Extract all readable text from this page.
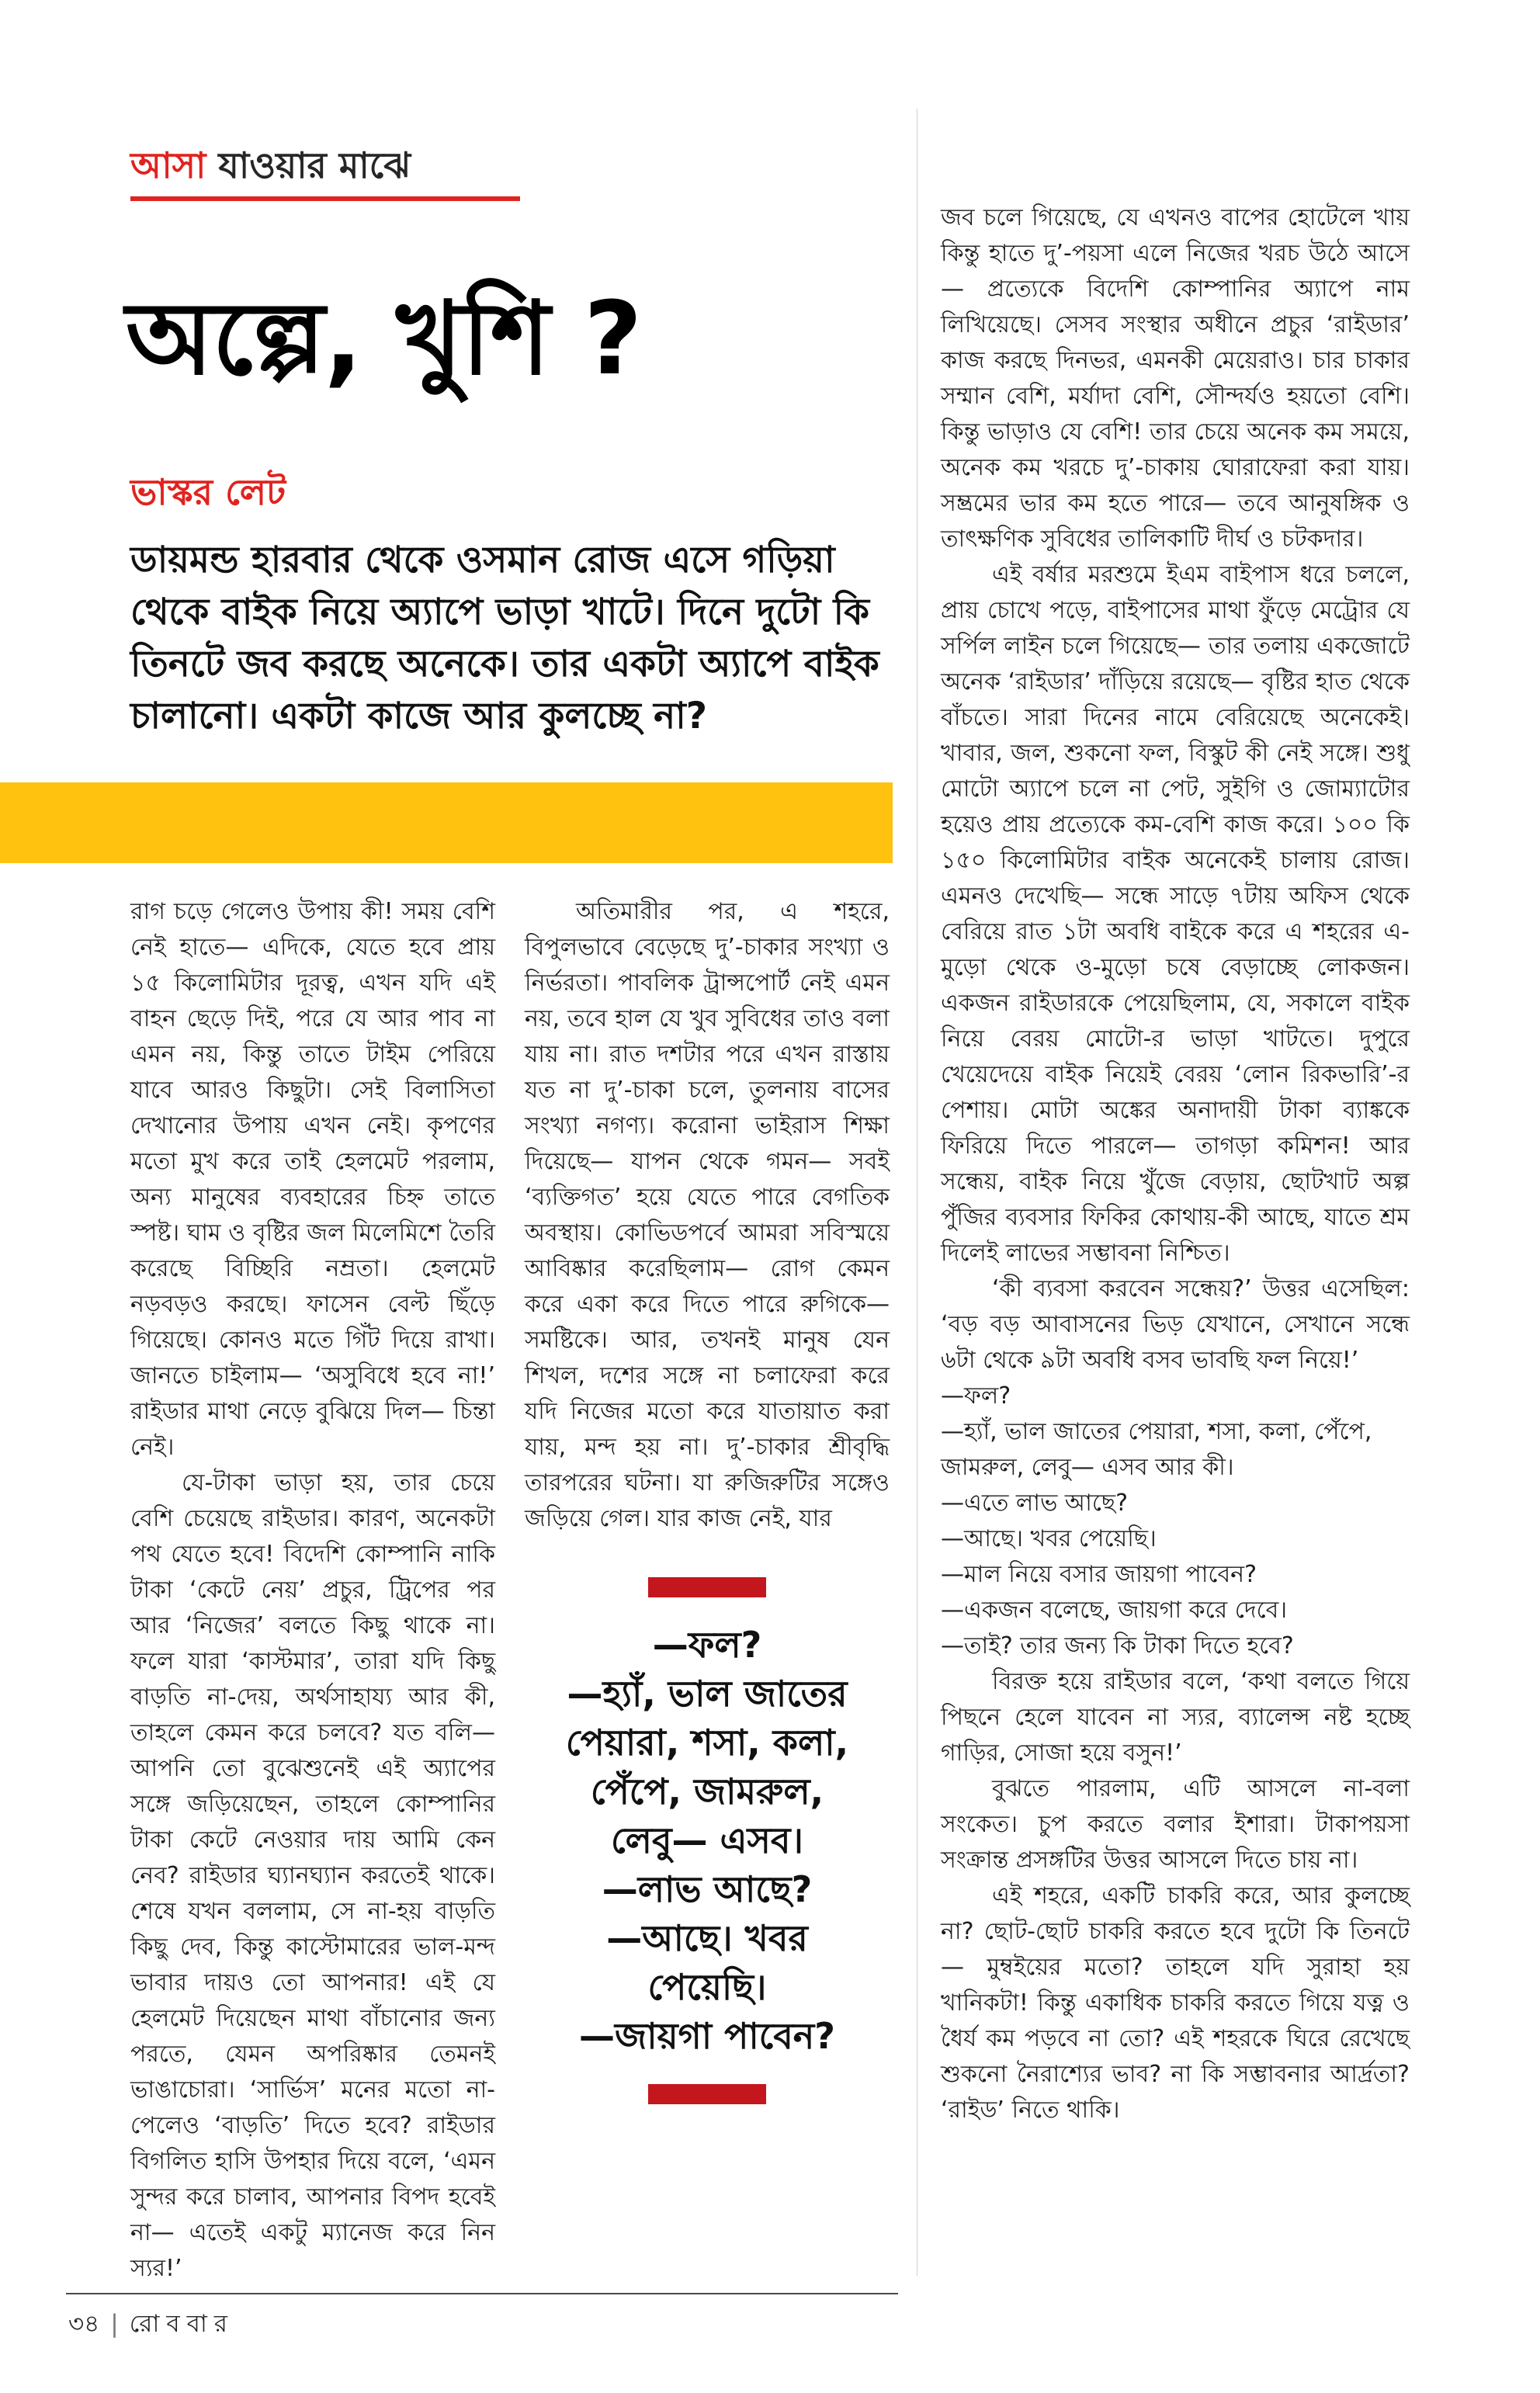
আসা যাওয়ার মাঝে
অল্পে, খুশি ?
ভাস্কর লেট

ডায়মন্ড হারবার থেকে ওসমান রোজ এসে গড়িয়া থেকে বাইক নিয়ে অ্যাপে ভাড়া খাটে। দিনে দুটো কি তিনটে জব করছে অনেকে। তার একটা অ্যাপে বাইক চালানো। একটা কাজে আর কুলচ্ছে না?

রাগ চড়ে গেলেও উপায় কী! সময় বেশি নেই হাতে— এদিকে, যেতে হবে প্রায় ১৫ কিলোমিটার দূরত্ব, এখন যদি এই বাহন ছেড়ে দিই, পরে যে আর পাব না এমন নয়, কিন্তু তাতে টাইম পেরিয়ে যাবে আরও কিছুটা। সেই বিলাসিতা দেখানোর উপায় এখন নেই। কৃপণের মতো মুখ করে তাই হেলমেট পরলাম, অন্য মানুষের ব্যবহারের চিহ্ন তাতে স্পষ্ট। ঘাম ও বৃষ্টির জল মিলেমিশে তৈরি করেছে বিচ্ছিরি নম্রতা। হেলমেট নড়বড়ও করছে। ফাসেন বেল্ট ছিঁড়ে গিয়েছে। কোনও মতে গিঁট দিয়ে রাখা। জানতে চাইলাম— ‘অসুবিধে হবে না!’ রাইডার মাথা নেড়ে বুঝিয়ে দিল— চিন্তা নেই।

যে-টাকা ভাড়া হয়, তার চেয়ে বেশি চেয়েছে রাইডার। কারণ, অনেকটা পথ যেতে হবে! বিদেশি কোম্পানি নাকি টাকা ‘কেটে নেয়’ প্রচুর, ট্রিপের পর আর ‘নিজের’ বলতে কিছু থাকে না। ফলে যারা ‘কাস্টমার’, তারা যদি কিছু বাড়তি না-দেয়, অর্থসাহায্য আর কী, তাহলে কেমন করে চলবে? যত বলি— আপনি তো বুঝেশুনেই এই অ্যাপের সঙ্গে জড়িয়েছেন, তাহলে কোম্পানির টাকা কেটে নেওয়ার দায় আমি কেন নেব? রাইডার ঘ্যানঘ্যান করতেই থাকে। শেষে যখন বললাম, সে না-হয় বাড়তি কিছু দেব, কিন্তু কাস্টোমারের ভাল-মন্দ ভাবার দায়ও তো আপনার! এই যে হেলমেট দিয়েছেন মাথা বাঁচানোর জন্য পরতে, যেমন অপরিষ্কার তেমনই ভাঙাচোরা। ‘সার্ভিস’ মনের মতো না-পেলেও ‘বাড়তি’ দিতে হবে? রাইডার বিগলিত হাসি উপহার দিয়ে বলে, ‘এমন সুন্দর করে চালাব, আপনার বিপদ হবেই না— এতেই একটু ম্যানেজ করে নিন স্যর!’

অতিমারীর পর, এ শহরে, বিপুলভাবে বেড়েছে দু’-চাকার সংখ্যা ও নির্ভরতা। পাবলিক ট্রান্সপোর্ট নেই এমন নয়, তবে হাল যে খুব সুবিধের তাও বলা যায় না। রাত দশটার পরে এখন রাস্তায় যত না দু’-চাকা চলে, তুলনায় বাসের সংখ্যা নগণ্য। করোনা ভাইরাস শিক্ষা দিয়েছে— যাপন থেকে গমন— সবই ‘ব্যক্তিগত’ হয়ে যেতে পারে বেগতিক অবস্থায়। কোভিডপর্বে আমরা সবিস্ময়ে আবিষ্কার করেছিলাম— রোগ কেমন করে একা করে দিতে পারে রুগিকে— সমষ্টিকে। আর, তখনই মানুষ যেন শিখল, দশের সঙ্গে না চলাফেরা করে যদি নিজের মতো করে যাতায়াত করা যায়, মন্দ হয় না। দু’-চাকার শ্রীবৃদ্ধি তারপরের ঘটনা। যা রুজিরুটির সঙ্গেও জড়িয়ে গেল। যার কাজ নেই, যার

—ফল?

—হ্যাঁ, ভাল জাতের

পেয়ারা, শসা, কলা,

পেঁপে, জামরুল,

লেবু— এসব।

—লাভ আছে?

—আছে। খবর

পেয়েছি।

—জায়গা পাবেন?

জব চলে গিয়েছে, যে এখনও বাপের হোটেলে খায় কিন্তু হাতে দু’-পয়সা এলে নিজের খরচ উঠে আসে— প্রত্যেকে বিদেশি কোম্পানির অ্যাপে নাম লিখিয়েছে। সেসব সংস্থার অধীনে প্রচুর ‘রাইডার’ কাজ করছে দিনভর, এমনকী মেয়েরাও। চার চাকার সম্মান বেশি, মর্যাদা বেশি, সৌন্দর্যও হয়তো বেশি। কিন্তু ভাড়াও যে বেশি! তার চেয়ে অনেক কম সময়ে, অনেক কম খরচে দু’-চাকায় ঘোরাফেরা করা যায়। সম্ভ্রমের ভার কম হতে পারে— তবে আনুষঙ্গিক ও তাৎক্ষণিক সুবিধের তালিকাটি দীর্ঘ ও চটকদার।

এই বর্ষার মরশুমে ইএম বাইপাস ধরে চললে, প্রায় চোখে পড়ে, বাইপাসের মাথা ফুঁড়ে মেট্রোর যে সর্পিল লাইন চলে গিয়েছে— তার তলায় একজোটে অনেক ‘রাইডার’ দাঁড়িয়ে রয়েছে— বৃষ্টির হাত থেকে বাঁচতে। সারা দিনের নামে বেরিয়েছে অনেকেই। খাবার, জল, শুকনো ফল, বিস্কুট কী নেই সঙ্গে। শুধু মোটো অ্যাপে চলে না পেট, সুইগি ও জোম্যাটোর হয়েও প্রায় প্রত্যেকে কম-বেশি কাজ করে। ১০০ কি ১৫০ কিলোমিটার বাইক অনেকেই চালায় রোজ। এমনও দেখেছি— সন্ধে সাড়ে ৭টায় অফিস থেকে বেরিয়ে রাত ১টা অবধি বাইকে করে এ শহরের এ-মুড়ো থেকে ও-মুড়ো চষে বেড়াচ্ছে লোকজন। একজন রাইডারকে পেয়েছিলাম, যে, সকালে বাইক নিয়ে বেরয় মোটো-র ভাড়া খাটতে। দুপুরে খেয়েদেয়ে বাইক নিয়েই বেরয় ‘লোন রিকভারি’-র পেশায়। মোটা অঙ্কের অনাদায়ী টাকা ব্যাঙ্ককে ফিরিয়ে দিতে পারলে— তাগড়া কমিশন! আর সন্ধেয়, বাইক নিয়ে খুঁজে বেড়ায়, ছোটখাট অল্প পুঁজির ব্যবসার ফিকির কোথায়-কী আছে, যাতে শ্রম দিলেই লাভের সম্ভাবনা নিশ্চিত।

‘কী ব্যবসা করবেন সন্ধেয়?’ উত্তর এসেছিল: ‘বড় বড় আবাসনের ভিড় যেখানে, সেখানে সন্ধে ৬টা থেকে ৯টা অবধি বসব ভাবছি ফল নিয়ে!’

—ফল?

—হ্যাঁ, ভাল জাতের পেয়ারা, শসা, কলা, পেঁপে, জামরুল, লেবু— এসব আর কী।

—এতে লাভ আছে?

—আছে। খবর পেয়েছি।

—মাল নিয়ে বসার জায়গা পাবেন?

—একজন বলেছে, জায়গা করে দেবে।

—তাই? তার জন্য কি টাকা দিতে হবে?

বিরক্ত হয়ে রাইডার বলে, ‘কথা বলতে গিয়ে পিছনে হেলে যাবেন না স্যর, ব্যালেন্স নষ্ট হচ্ছে গাড়ির, সোজা হয়ে বসুন!’

বুঝতে পারলাম, এটি আসলে না-বলা সংকেত। চুপ করতে বলার ইশারা। টাকাপয়সা সংক্রান্ত প্রসঙ্গটির উত্তর আসলে দিতে চায় না।

এই শহরে, একটি চাকরি করে, আর কুলচ্ছে না? ছোট-ছোট চাকরি করতে হবে দুটো কি তিনটে— মুম্বইয়ের মতো? তাহলে যদি সুরাহা হয় খানিকটা! কিন্তু একাধিক চাকরি করতে গিয়ে যত্ন ও ধৈর্য কম পড়বে না তো? এই শহরকে ঘিরে রেখেছে শুকনো নৈরাশ্যের ভাব? না কি সম্ভাবনার আর্দ্রতা? ‘রাইড’ নিতে থাকি।

৩৪ | রোববার
